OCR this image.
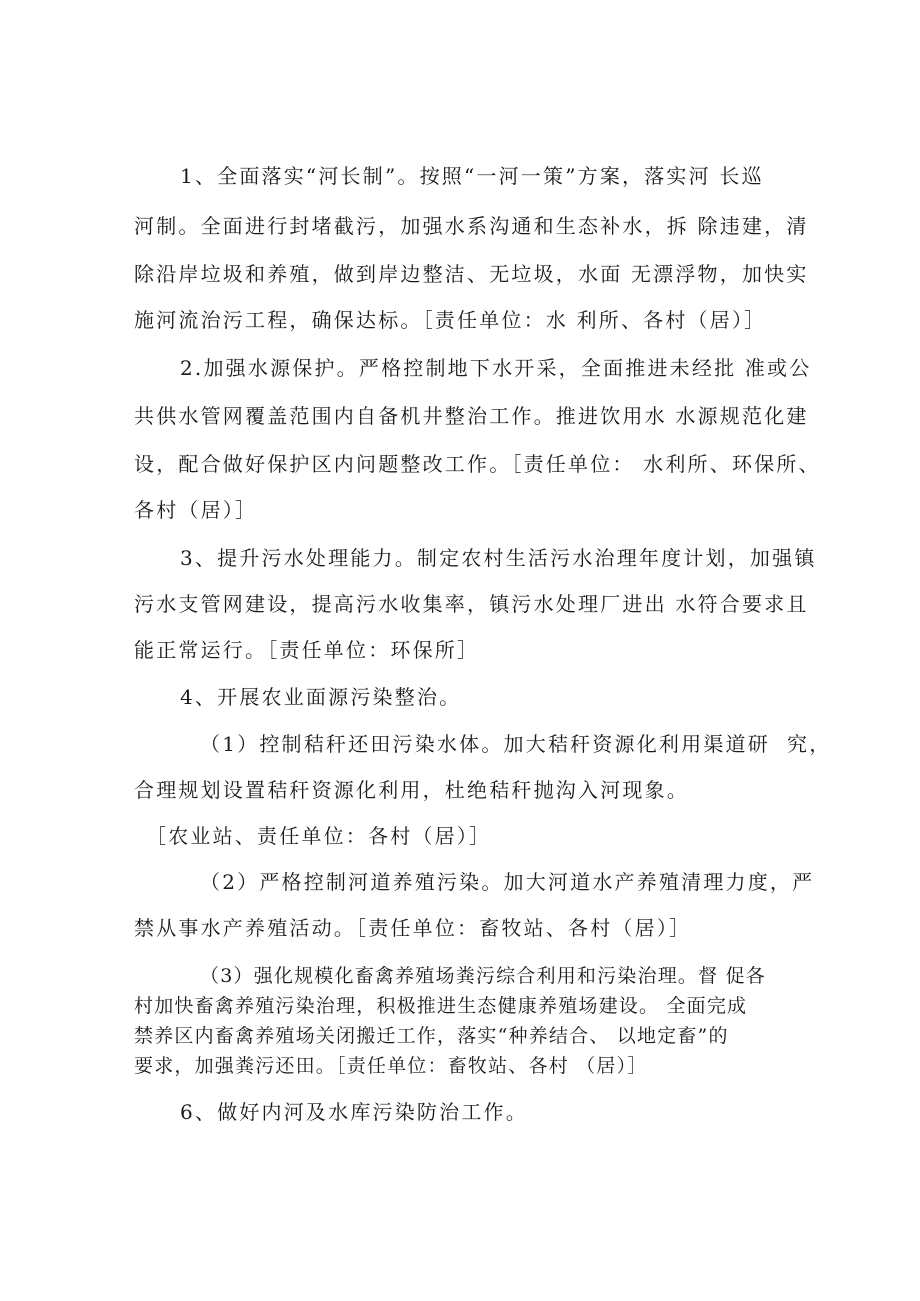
1、全面落实“河长制”。按照“一河一策”方案，落实河 长巡
河制。全面进行封堵截污，加强水系沟通和生态补水，拆 除违建，清
除沿岸垃圾和养殖，做到岸边整洁、无垃圾，水面 无漂浮物，加快实
施河流治污工程，确保达标。［责任单位：水 利所、各村（居）］
2.加强水源保护。严格控制地下水开采，全面推进未经批 准或公
共供水管网覆盖范围内自备机井整治工作。推进饮用水 水源规范化建
设，配合做好保护区内问题整改工作。［责任单位： 水利所、环保所、
各村（居）］
3、提升污水处理能力。制定农村生活污水治理年度计划，加强镇
污水支管网建设，提高污水收集率，镇污水处理厂进出 水符合要求且
能正常运行。［责任单位：环保所］
4、开展农业面源污染整治。
（1）控制秸秆还田污染水体。加大秸秆资源化利用渠道研  究，
合理规划设置秸秆资源化利用，杜绝秸秆抛沟入河现象。
［农业站、责任单位：各村（居）］
（2）严格控制河道养殖污染。加大河道水产养殖清理力度，严
禁从事水产养殖活动。［责任单位：畜牧站、各村（居）］
（3）强化规模化畜禽养殖场粪污综合利用和污染治理。督 促各
村加快畜禽养殖污染治理，积极推进生态健康养殖场建设。 全面完成
禁养区内畜禽养殖场关闭搬迁工作，落实“种养结合、 以地定畜”的
要求，加强粪污还田。［责任单位：畜牧站、各村 （居）］
6、做好内河及水库污染防治工作。
